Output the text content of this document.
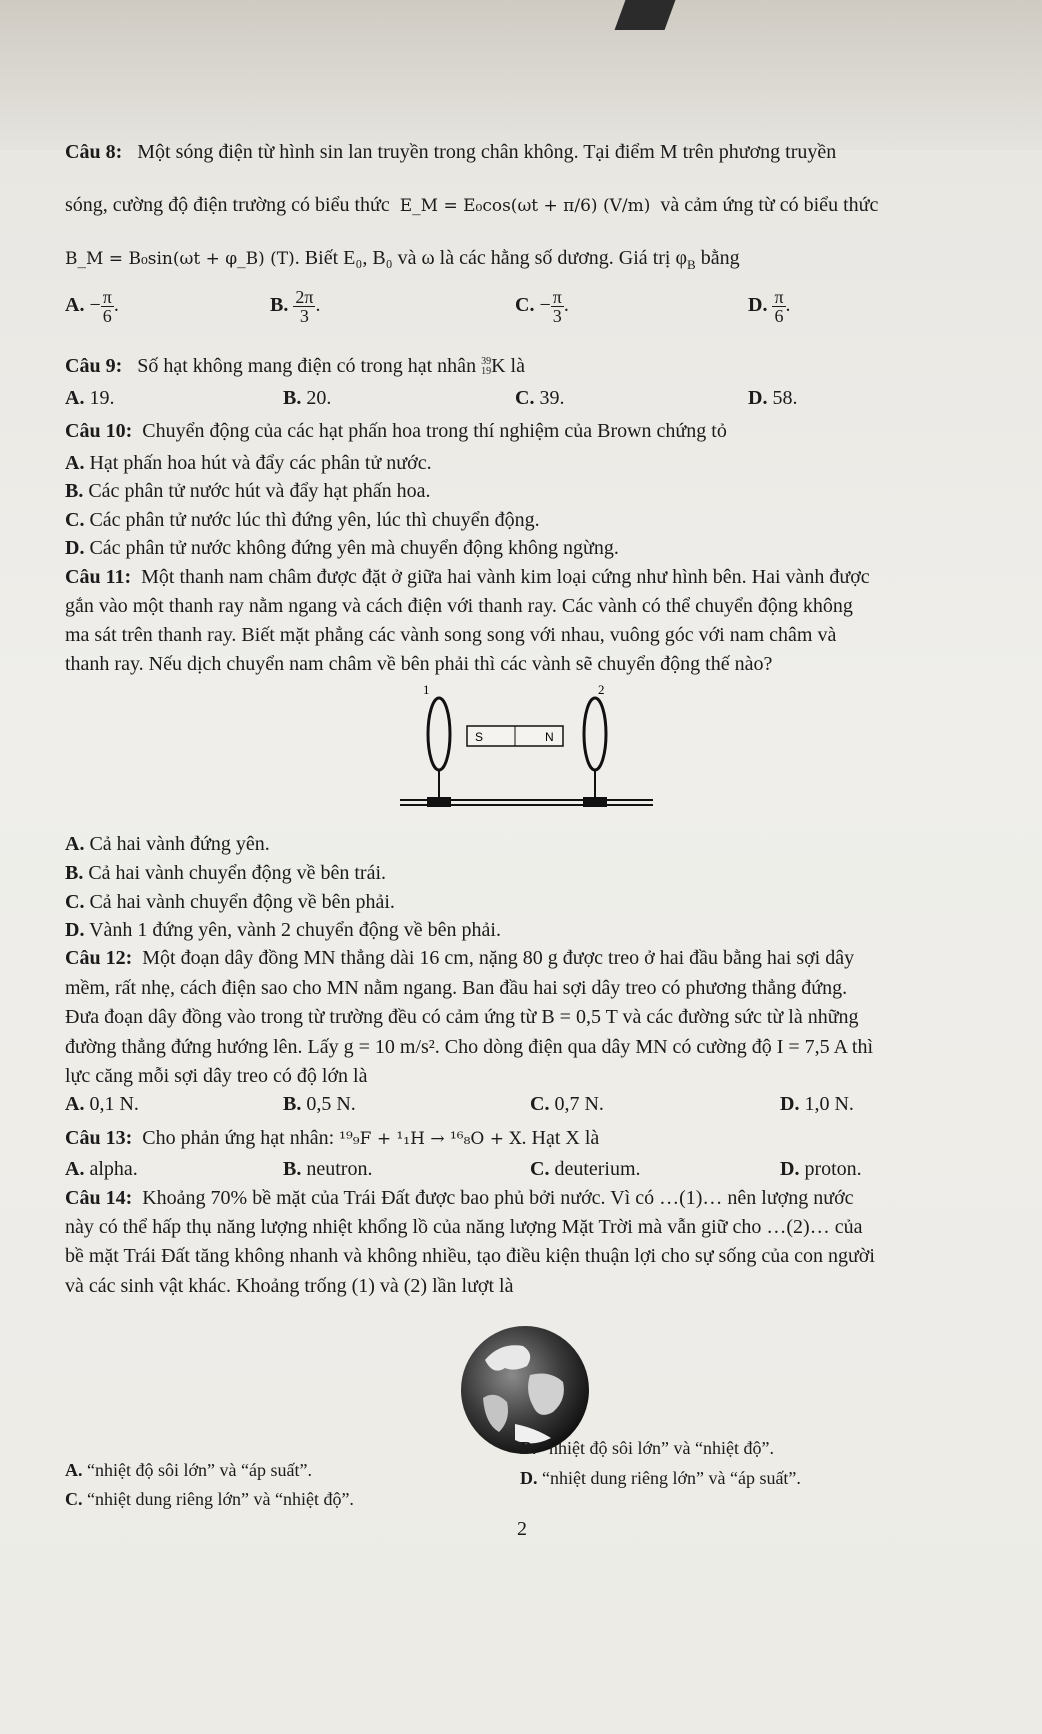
Câu 8: Một sóng điện từ hình sin lan truyền trong chân không. Tại điểm M trên phương truyền
sóng, cường độ điện trường có biểu thức E_M = E₀cos(ωt + π/6) (V/m) và cảm ứng từ có biểu thức
B_M = B₀sin(ωt + φ_B) (T). Biết E₀, B₀ và ω là các hằng số dương. Giá trị $\varphi_B$ bằng
A. − $\frac{\pi}{6}$ .	B. $\frac{2\pi}{3}$ .	C. − $\frac{\pi}{3}$ .	D. $\frac{\pi}{6}$ .
Câu 9: Số hạt không mang điện có trong hạt nhân 39
19 K là
A. 19.	B. 20.	C. 39.	D. 58.
Câu 10: Chuyển động của các hạt phấn hoa trong thí nghiệm của Brown chứng tỏ
A. Hạt phấn hoa hút và đẩy các phân tử nước.
B. Các phân tử nước hút và đẩy hạt phấn hoa.
C. Các phân tử nước lúc thì đứng yên, lúc thì chuyển động.
D. Các phân tử nước không đứng yên mà chuyển động không ngừng.
Câu 11: Một thanh nam châm được đặt ở giữa hai vành kim loại cứng như hình bên. Hai vành được
gắn vào một thanh ray nằm ngang và cách điện với thanh ray. Các vành có thể chuyển động không
ma sát trên thanh ray. Biết mặt phẳng các vành song song với nhau, vuông góc với nam châm và
thanh ray. Nếu dịch chuyển nam châm về bên phải thì các vành sẽ chuyển động thế nào?
1	2
S	N
A. Cả hai vành đứng yên.
B. Cả hai vành chuyển động về bên trái.
C. Cả hai vành chuyển động về bên phải.
D. Vành 1 đứng yên, vành 2 chuyển động về bên phải.
Câu 12: Một đoạn dây đồng MN thẳng dài 16 cm, nặng 80 g được treo ở hai đầu bằng hai sợi dây
mềm, rất nhẹ, cách điện sao cho MN nằm ngang. Ban đầu hai sợi dây treo có phương thẳng đứng.
Đưa đoạn dây đồng vào trong từ trường đều có cảm ứng từ B = 0,5 T và các đường sức từ là những
đường thẳng đứng hướng lên. Lấy g = 10 m/s². Cho dòng điện qua dây MN có cường độ I = 7,5 A thì
lực căng mỗi sợi dây treo có độ lớn là
A. 0,1 N.	B. 0,5 N.	C. 0,7 N.	D. 1,0 N.
Câu 13: Cho phản ứng hạt nhân: ¹⁹₉F + ¹₁H → ¹⁶₈O + X. Hạt X là
A. alpha.	B. neutron.	C. deuterium.	D. proton.
Câu 14: Khoảng 70% bề mặt của Trái Đất được bao phủ bởi nước. Vì có …(1)… nên lượng nước
này có thể hấp thụ năng lượng nhiệt khổng lồ của năng lượng Mặt Trời mà vẫn giữ cho …(2)… của
bề mặt Trái Đất tăng không nhanh và không nhiều, tạo điều kiện thuận lợi cho sự sống của con người
và các sinh vật khác. Khoảng trống (1) và (2) lần lượt là
B. “nhiệt độ sôi lớn” và “nhiệt độ”.
A. “nhiệt độ sôi lớn” và “áp suất”.	D. “nhiệt dung riêng lớn” và “áp suất”.
C. “nhiệt dung riêng lớn” và “nhiệt độ”.
2
